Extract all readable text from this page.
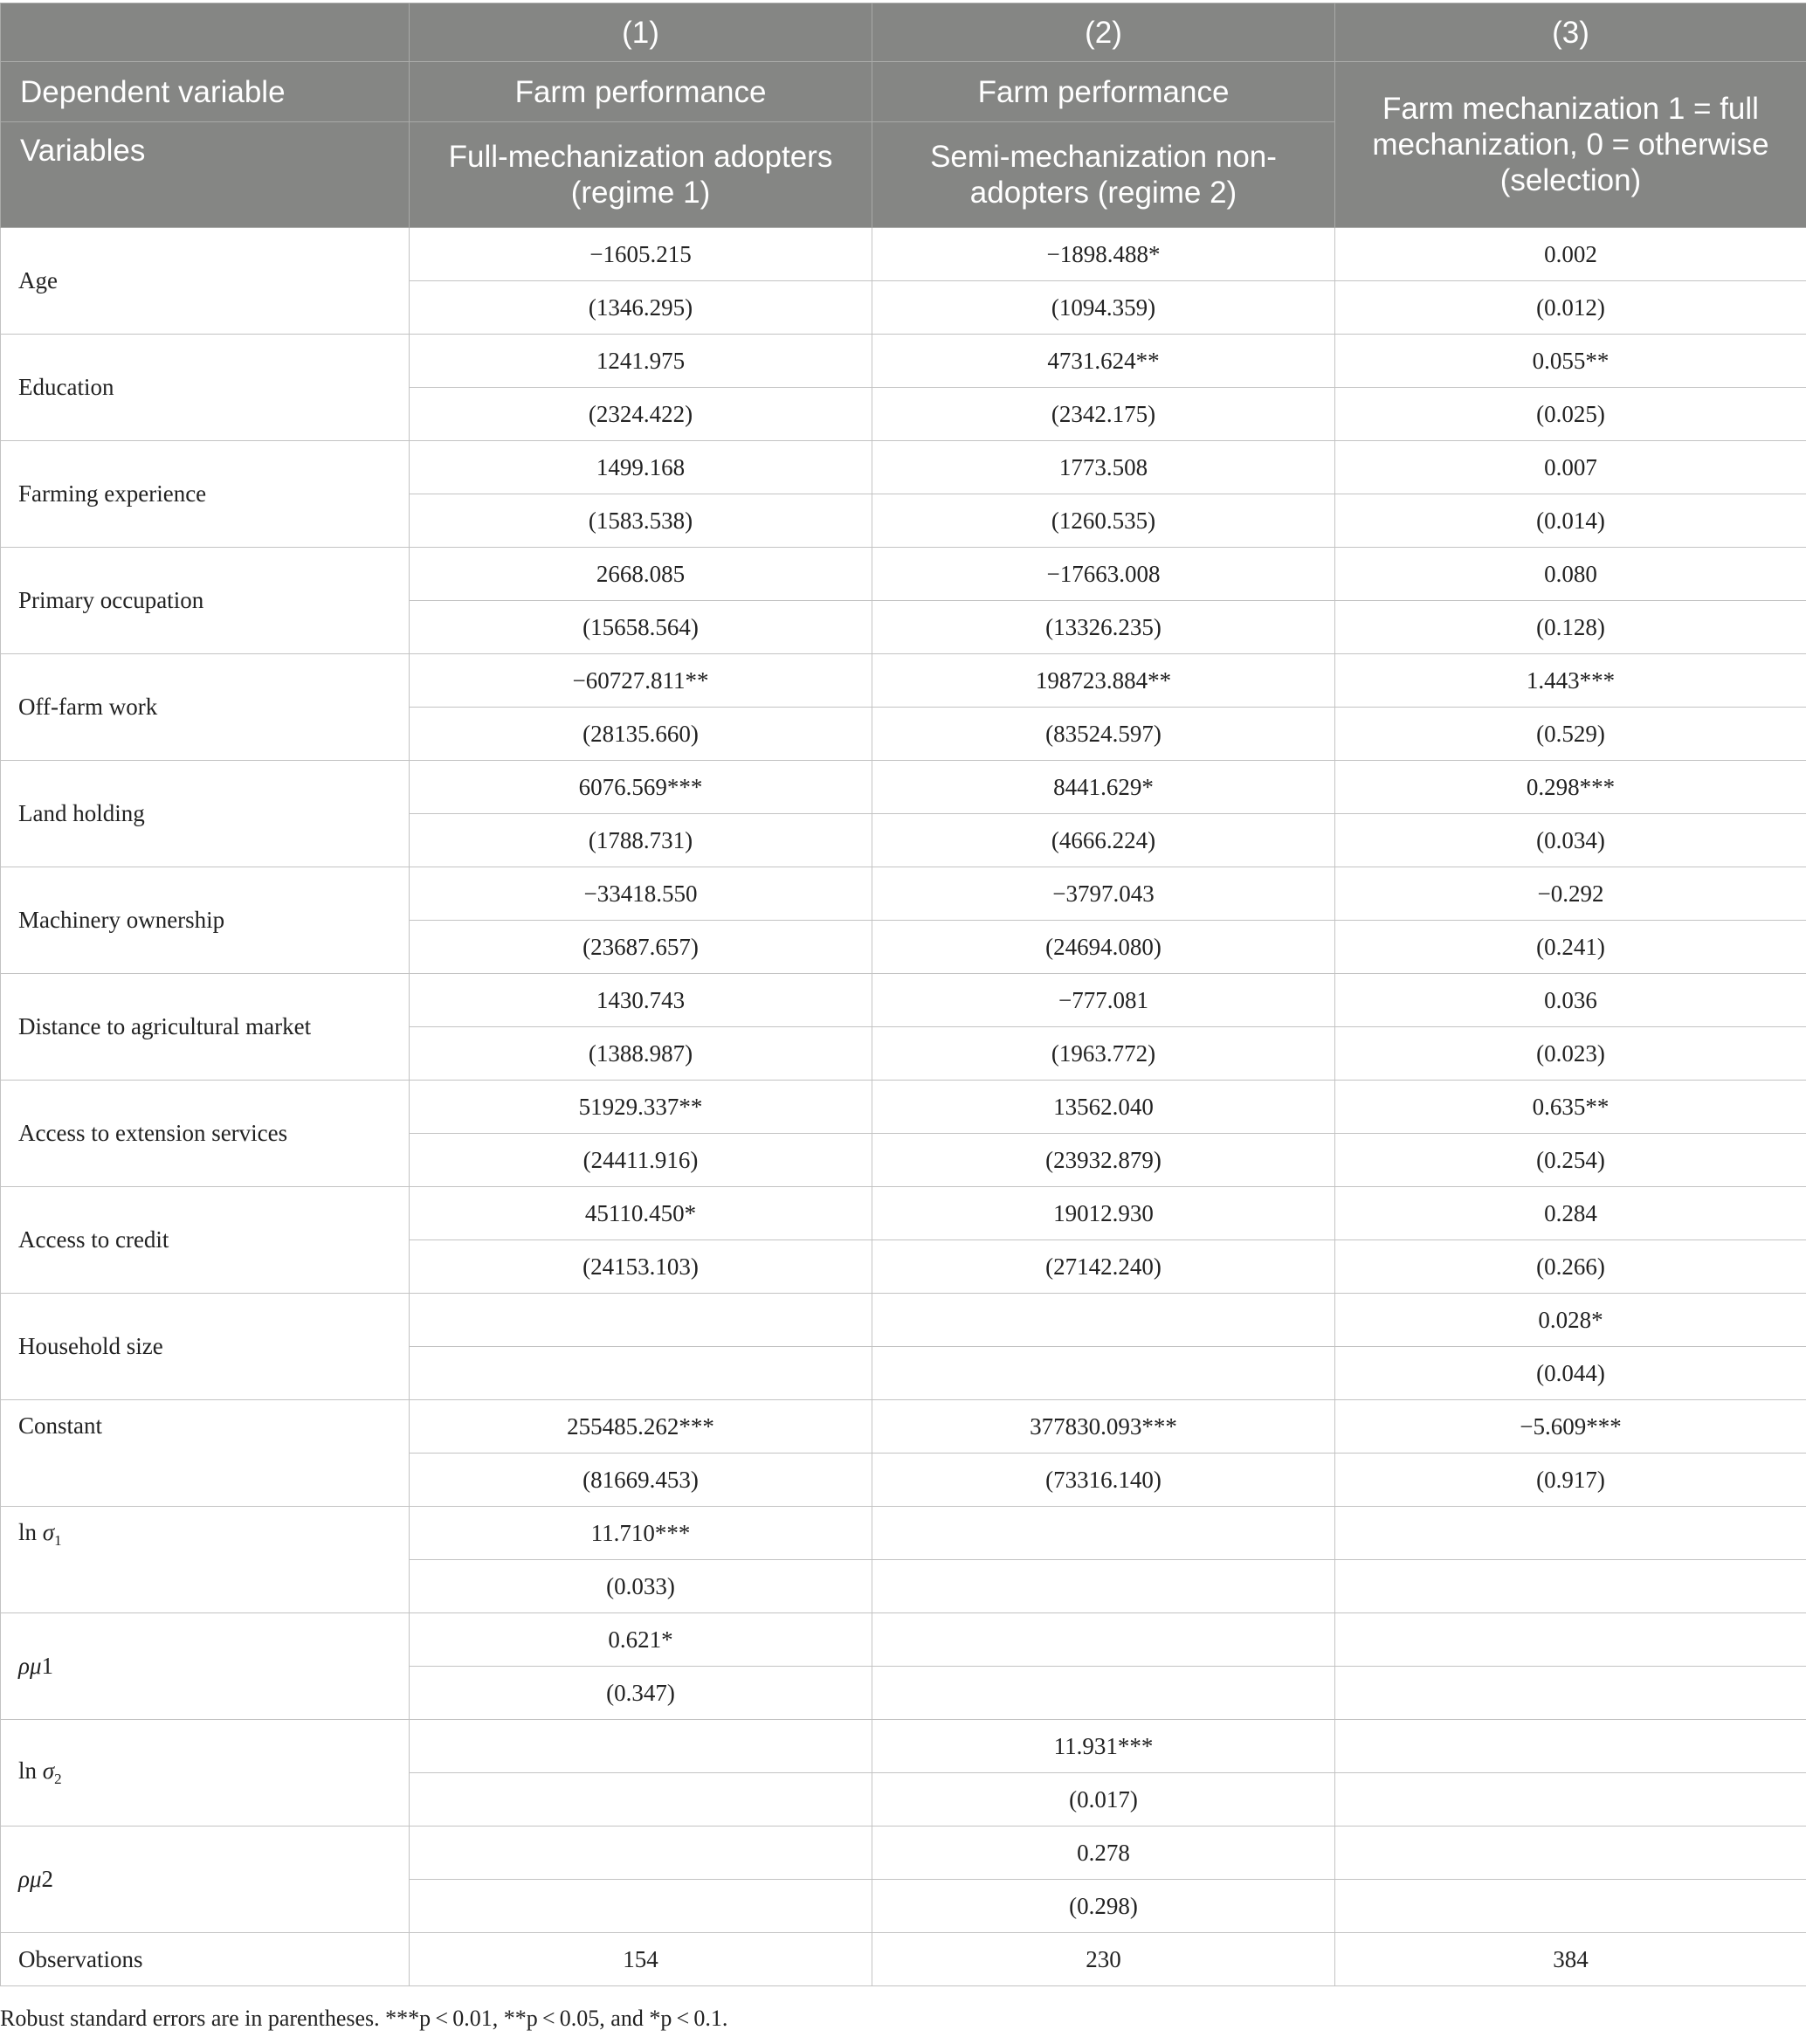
	(1)	(2)	(3)
Dependent variable	Farm performance	Farm performance	Farm mechanization 1 = full mechanization, 0 = otherwise (selection)
Variables	Full-mechanization adopters (regime 1)	Semi-mechanization non-adopters (regime 2)	
Age	−1605.215	−1898.488*	0.002
	(1346.295)	(1094.359)	(0.012)
Education	1241.975	4731.624**	0.055**
	(2324.422)	(2342.175)	(0.025)
Farming experience	1499.168	1773.508	0.007
	(1583.538)	(1260.535)	(0.014)
Primary occupation	2668.085	−17663.008	0.080
	(15658.564)	(13326.235)	(0.128)
Off-farm work	−60727.811**	198723.884**	1.443***
	(28135.660)	(83524.597)	(0.529)
Land holding	6076.569***	8441.629*	0.298***
	(1788.731)	(4666.224)	(0.034)
Machinery ownership	−33418.550	−3797.043	−0.292
	(23687.657)	(24694.080)	(0.241)
Distance to agricultural market	1430.743	−777.081	0.036
	(1388.987)	(1963.772)	(0.023)
Access to extension services	51929.337**	13562.040	0.635**
	(24411.916)	(23932.879)	(0.254)
Access to credit	45110.450*	19012.930	0.284
	(24153.103)	(27142.240)	(0.266)
Household size			0.028*
			(0.044)
Constant	255485.262***	377830.093***	−5.609***
	(81669.453)	(73316.140)	(0.917)
$\ln \sigma_1$	11.710***		
	(0.033)		
ρμ1	0.621*		
	(0.347)		
$\ln \sigma_2$		11.931***	
		(0.017)	
ρμ2		0.278	
		(0.298)	
Observations	154	230	384
Robust standard errors are in parentheses. ***p < 0.01, **p < 0.05, and *p < 0.1.
